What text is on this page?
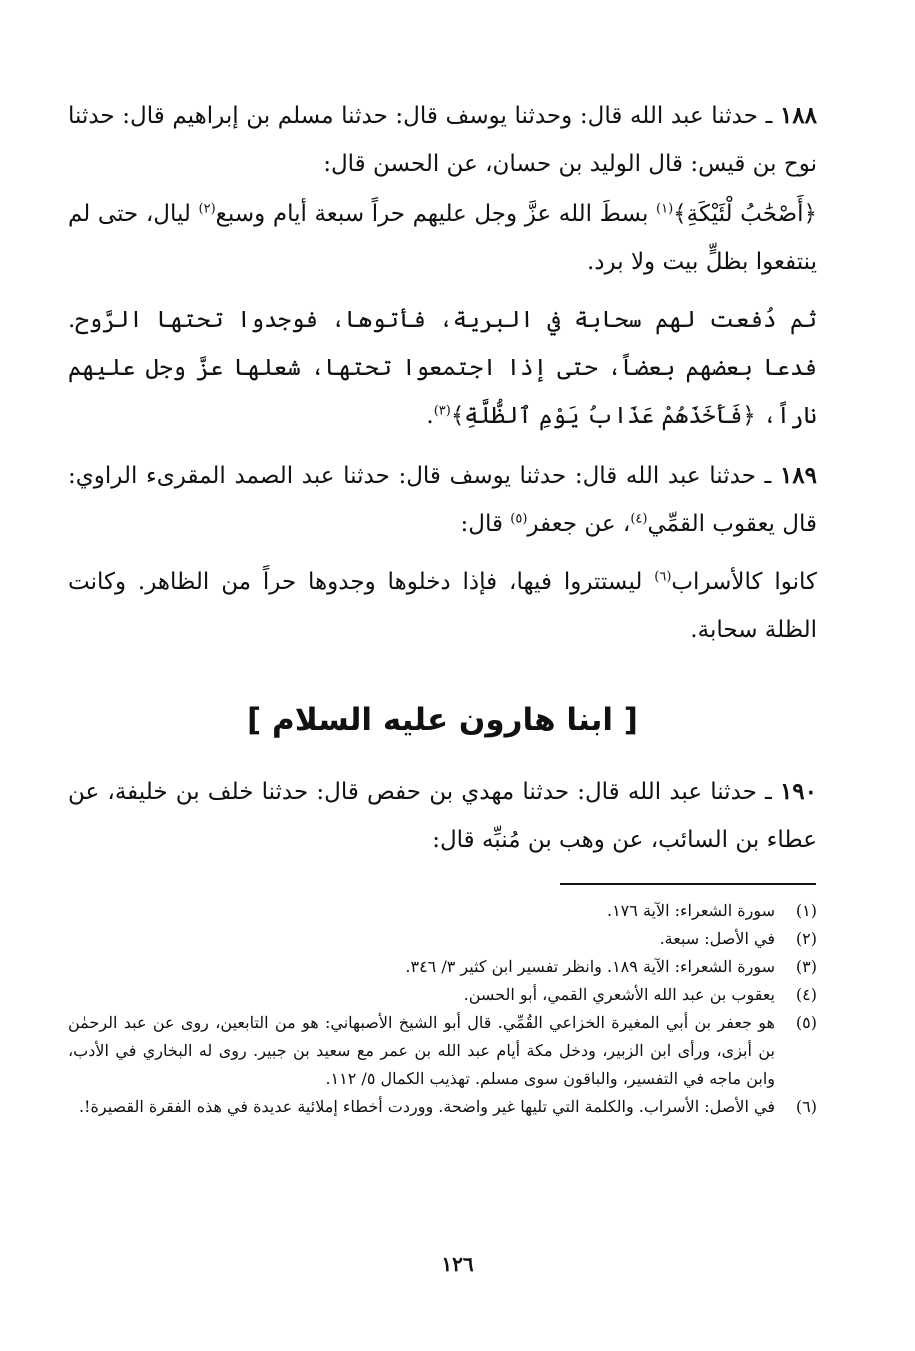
١٨٨ ـ حدثنا عبد الله قال: وحدثنا يوسف قال: حدثنا مسلم بن إبراهيم قال: حدثنا نوح بن قيس: قال الوليد بن حسان، عن الحسن قال:

﴿أَصْحَٰبُ لْئَيْكَةِ﴾$^{(١)}$ بسطَ الله عزَّ وجل عليهم حراً سبعة أيام وسبع$^{(٢)}$ ليال، حتى لم ينتفعوا بظلٍّ بيت ولا برد.

ثم دُفعت لهم سحابة في البرية، فأتوها، فوجدوا تحتها الرَّوح. فدعا بعضهم بعضاً، حتى إذا اجتمعوا تحتها، شعلها عزَّ وجل عليهم ناراً، ﴿فَأَخَذَهُمْ عَذَابُ يَوْمِ ٱلظُّلَّةِ﴾$^{(٣)}$.

١٨٩ ـ حدثنا عبد الله قال: حدثنا يوسف قال: حدثنا عبد الصمد المقرىء الراوي: قال يعقوب القمِّي$^{(٤)}$، عن جعفر$^{(٥)}$ قال:

كانوا كالأسراب$^{(٦)}$ ليستتروا فيها، فإذا دخلوها وجدوها حراً من الظاهر. وكانت الظلة سحابة.

[ ابنا هارون عليه السلام ]

١٩٠ ـ حدثنا عبد الله قال: حدثنا مهدي بن حفص قال: حدثنا خلف بن خليفة، عن عطاء بن السائب، عن وهب بن مُنبِّه قال:

(١)
سورة الشعراء: الآية ١٧٦.
(٢)
في الأصل: سبعة.
(٣)
سورة الشعراء: الآية ١٨٩. وانظر تفسير ابن كثير ٣/ ٣٤٦.
(٤)
يعقوب بن عبد الله الأشعري القمي، أبو الحسن.
(٥)
هو جعفر بن أبي المغيرة الخزاعي القُمِّي. قال أبو الشيخ الأصبهاني: هو من التابعين، روى عن عبد الرحمٰن بن أبزى، ورأى ابن الزبير، ودخل مكة أيام عبد الله بن عمر مع سعيد بن جبير. روى له البخاري في الأدب، وابن ماجه في التفسير، والباقون سوى مسلم. تهذيب الكمال ٥/ ١١٢.
(٦)
في الأصل: الأسراب. والكلمة التي تليها غير واضحة. ووردت أخطاء إملائية عديدة في هذه الفقرة القصيرة!.
١٢٦
